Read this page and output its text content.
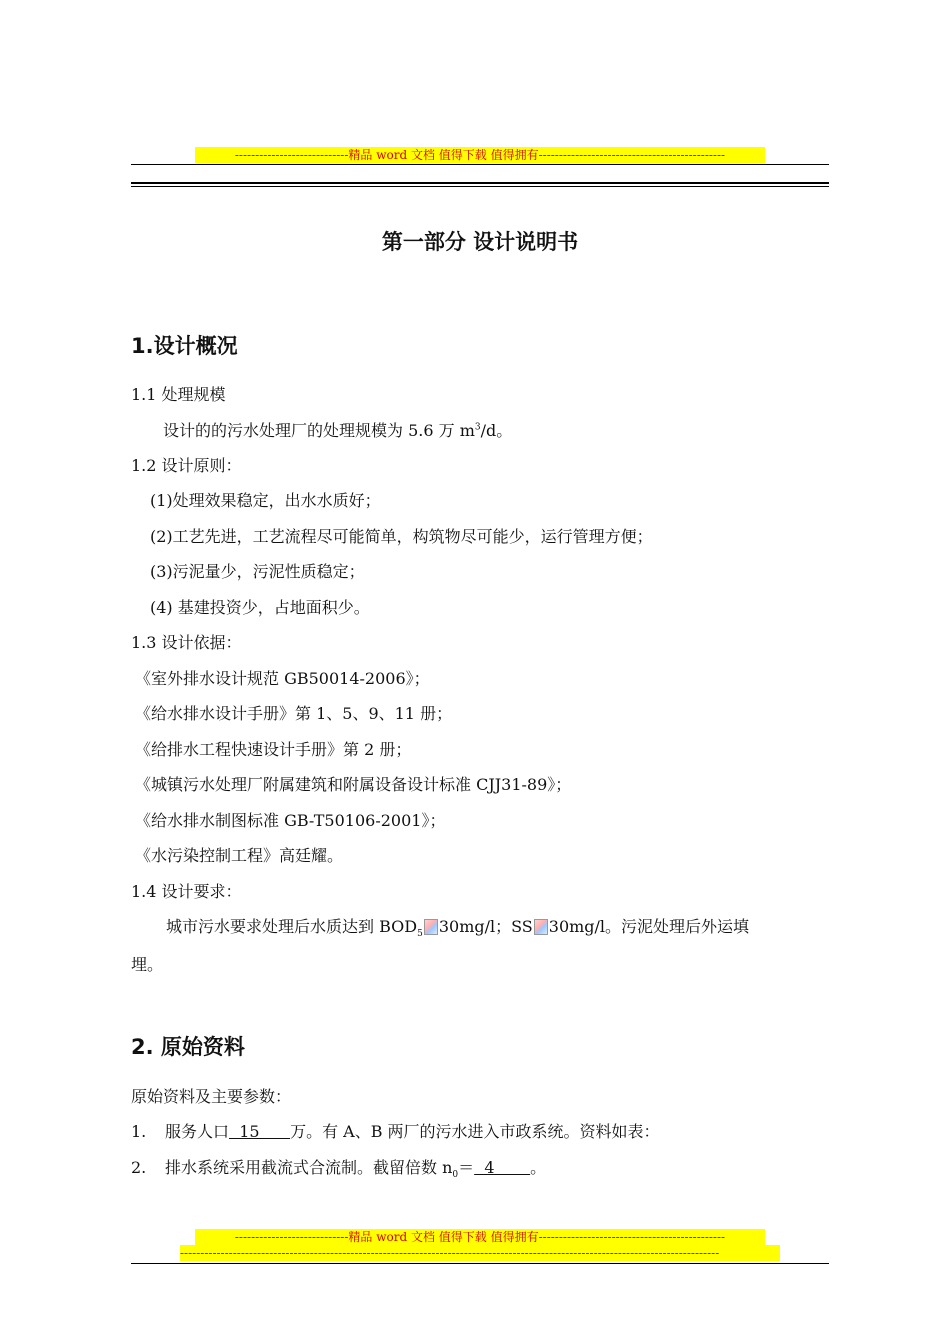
----------------------------精品 word 文档 值得下载 值得拥有----------------------------------------------
第一部分 设计说明书
1.设计概况
1.1 处理规模
设计的的污水处理厂的处理规模为 5.6 万 $m^3/d$。
1.2 设计原则：
(1)处理效果稳定，出水水质好；
(2)工艺先进，工艺流程尽可能简单，构筑物尽可能少，运行管理方便；
(3)污泥量少，污泥性质稳定；
(4) 基建投资少，占地面积少。
1.3 设计依据：
《室外排水设计规范 GB50014-2006》；
《给水排水设计手册》第 1、5、9、11 册；
《给排水工程快速设计手册》第 2 册；
《城镇污水处理厂附属建筑和附属设备设计标准 CJJ31-89》；
《给水排水制图标准 GB-T50106-2001》；
《水污染控制工程》高廷耀。
1.4 设计要求：
城市污水要求处理后水质达到 $BOD_5$ 30mg/l；SS 30mg/l。污泥处理后外运填
埋。
2. 原始资料
原始资料及主要参数：
1. 服务人口  15      万。有 A、B 两厂的污水进入市政系统。资料如表：
2. 排水系统采用截流式合流制。截留倍数 $n_0= 4$       。
----------------------------精品 word 文档 值得下载 值得拥有----------------------------------------------
-------------------------------------------------------------------------------------------------------------------------------------
